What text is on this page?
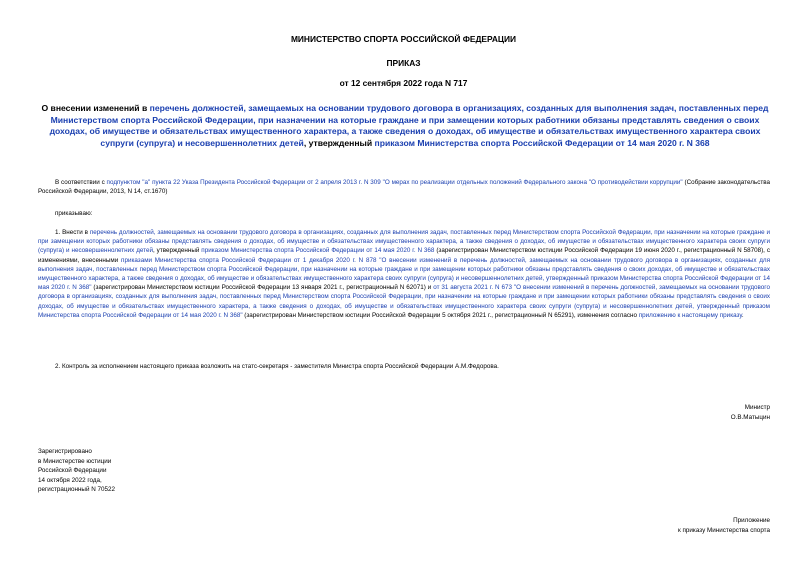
МИНИСТЕРСТВО СПОРТА РОССИЙСКОЙ ФЕДЕРАЦИИ
ПРИКАЗ
от 12 сентября 2022 года N 717
О внесении изменений в перечень должностей, замещаемых на основании трудового договора в организациях, созданных для выполнения задач, поставленных перед Министерством спорта Российской Федерации, при назначении на которые граждане и при замещении которых работники обязаны представлять сведения о своих доходах, об имуществе и обязательствах имущественного характера, а также сведения о доходах, об имуществе и обязательствах имущественного характера своих супруги (супруга) и несовершеннолетних детей, утвержденный приказом Министерства спорта Российской Федерации от 14 мая 2020 г. N 368
В соответствии с подпунктом "а" пункта 22 Указа Президента Российской Федерации от 2 апреля 2013 г. N 309 "О мерах по реализации отдельных положений Федерального закона "О противодействии коррупции" (Собрание законодательства Российской Федерации, 2013, N 14, ст.1670)
приказываю:
1. Внести в перечень должностей, замещаемых на основании трудового договора в организациях, созданных для выполнения задач, поставленных перед Министерством спорта Российской Федерации, при назначении на которые граждане и при замещении которых работники обязаны представлять сведения о доходах, об имуществе и обязательствах имущественного характера, а также сведения о доходах, об имуществе и обязательствах имущественного характера своих супруги (супруга) и несовершеннолетних детей, утвержденный приказом Министерства спорта Российской Федерации от 14 мая 2020 г. N 368 (зарегистрирован Министерством юстиции Российской Федерации 19 июня 2020 г., регистрационный N 58708), с изменениями, внесенными приказами Министерства спорта Российской Федерации от 1 декабря 2020 г. N 878 "О внесении изменений в перечень должностей, замещаемых на основании трудового договора в организациях, созданных для выполнения задач, поставленных перед Министерством спорта Российской Федерации, при назначении на которые граждане и при замещении которых работники обязаны представлять сведения о своих доходах, об имуществе и обязательствах имущественного характера, а также сведения о доходах, об имуществе и обязательствах имущественного характера своих супруги (супруга) и несовершеннолетних детей, утвержденный приказом Министерства спорта Российской Федерации от 14 мая 2020 г. N 368" (зарегистрирован Министерством юстиции Российской Федерации 13 января 2021 г., регистрационный N 62071) и от 31 августа 2021 г. N 673 "О внесении изменений в перечень должностей, замещаемых на основании трудового договора в организациях, созданных для выполнения задач, поставленных перед Министерством спорта Российской Федерации, при назначении на которые граждане и при замещении которых работники обязаны представлять сведения о своих доходах, об имуществе и обязательствах имущественного характера, а также сведения о доходах, об имуществе и обязательствах имущественного характера своих супруги (супруга) и несовершеннолетних детей, утвержденный приказом Министерства спорта Российской Федерации от 14 мая 2020 г. N 368" (зарегистрирован Министерством юстиции Российской Федерации 5 октября 2021 г., регистрационный N 65291), изменения согласно приложению к настоящему приказу.
2. Контроль за исполнением настоящего приказа возложить на статс-секретаря - заместителя Министра спорта Российской Федерации А.М.Федорова.
Министр
О.В.Матыцин
Зарегистрировано
в Министерстве юстиции
Российской Федерации
14 октября 2022 года,
регистрационный N 70522
Приложение
к приказу Министерства спорта
